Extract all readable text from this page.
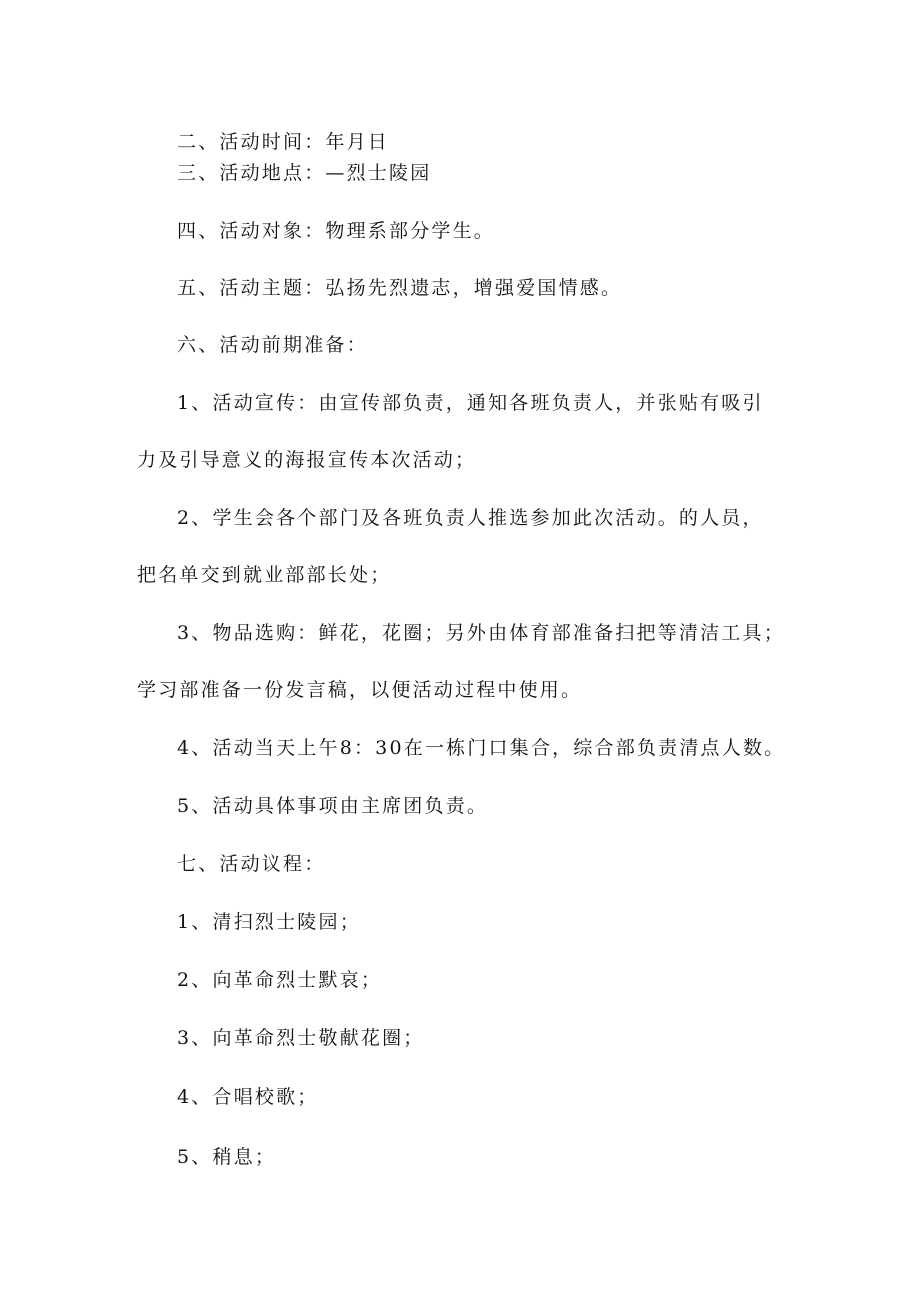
二、活动时间：年月日
三、活动地点：—烈士陵园
四、活动对象：物理系部分学生。
五、活动主题：弘扬先烈遗志，增强爱国情感。
六、活动前期准备：
1、活动宣传：由宣传部负责，通知各班负责人，并张贴有吸引
力及引导意义的海报宣传本次活动；
2、学生会各个部门及各班负责人推选参加此次活动。的人员，
把名单交到就业部部长处；
3、物品选购：鲜花，花圈；另外由体育部准备扫把等清洁工具；
学习部准备一份发言稿，以便活动过程中使用。
4、活动当天上午8：30在一栋门口集合，综合部负责清点人数。
5、活动具体事项由主席团负责。
七、活动议程：
1、清扫烈士陵园；
2、向革命烈士默哀；
3、向革命烈士敬献花圈；
4、合唱校歌；
5、稍息；
